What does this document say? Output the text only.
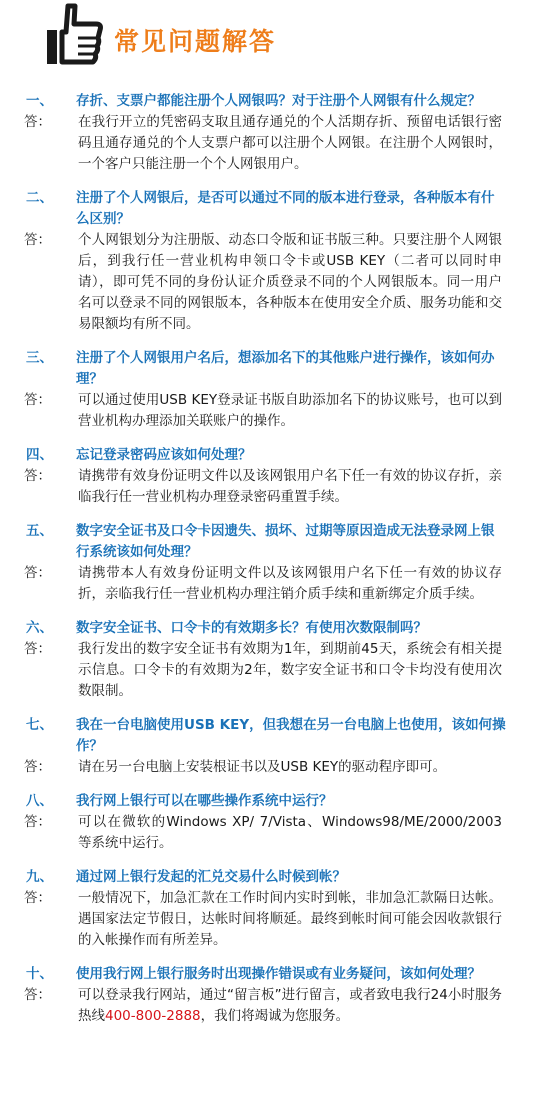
常见问题解答
一、	存折、支票户都能注册个人网银吗？对于注册个人网银有什么规定？
答：	在我行开立的凭密码支取且通存通兑的个人活期存折、预留电话银行密码且通存通兑的个人支票户都可以注册个人网银。在注册个人网银时，一个客户只能注册一个个人网银用户。
二、	注册了个人网银后，是否可以通过不同的版本进行登录，各种版本有什么区别？
答：	个人网银划分为注册版、动态口令版和证书版三种。只要注册个人网银后，到我行任一营业机构申领口令卡或USB KEY（二者可以同时申请），即可凭不同的身份认证介质登录不同的个人网银版本。同一用户名可以登录不同的网银版本，各种版本在使用安全介质、服务功能和交易限额均有所不同。
三、	注册了个人网银用户名后，想添加名下的其他账户进行操作，该如何办理？
答：	可以通过使用USB KEY登录证书版自助添加名下的协议账号，也可以到营业机构办理添加关联账户的操作。
四、	忘记登录密码应该如何处理？
答：	请携带有效身份证明文件以及该网银用户名下任一有效的协议存折，亲临我行任一营业机构办理登录密码重置手续。
五、	数字安全证书及口令卡因遗失、损坏、过期等原因造成无法登录网上银行系统该如何处理？
答：	请携带本人有效身份证明文件以及该网银用户名下任一有效的协议存折，亲临我行任一营业机构办理注销介质手续和重新绑定介质手续。
六、	数字安全证书、口令卡的有效期多长？有使用次数限制吗？
答：	我行发出的数字安全证书有效期为1年，到期前45天，系统会有相关提示信息。口令卡的有效期为2年，数字安全证书和口令卡均没有使用次数限制。
七、	我在一台电脑使用USB KEY，但我想在另一台电脑上也使用，该如何操作？
答：	请在另一台电脑上安装根证书以及USB KEY的驱动程序即可。
八、	我行网上银行可以在哪些操作系统中运行？
答：	可以在微软的Windows XP/ 7/Vista、Windows98/ME/2000/2003等系统中运行。
九、	通过网上银行发起的汇兑交易什么时候到帐？
答：	一般情况下，加急汇款在工作时间内实时到帐，非加急汇款隔日达帐。遇国家法定节假日，达帐时间将顺延。最终到帐时间可能会因收款银行的入帐操作而有所差异。
十、	使用我行网上银行服务时出现操作错误或有业务疑问，该如何处理？
答：	可以登录我行网站，通过“留言板”进行留言，或者致电我行24小时服务热线400-800-2888，我们将竭诚为您服务。
